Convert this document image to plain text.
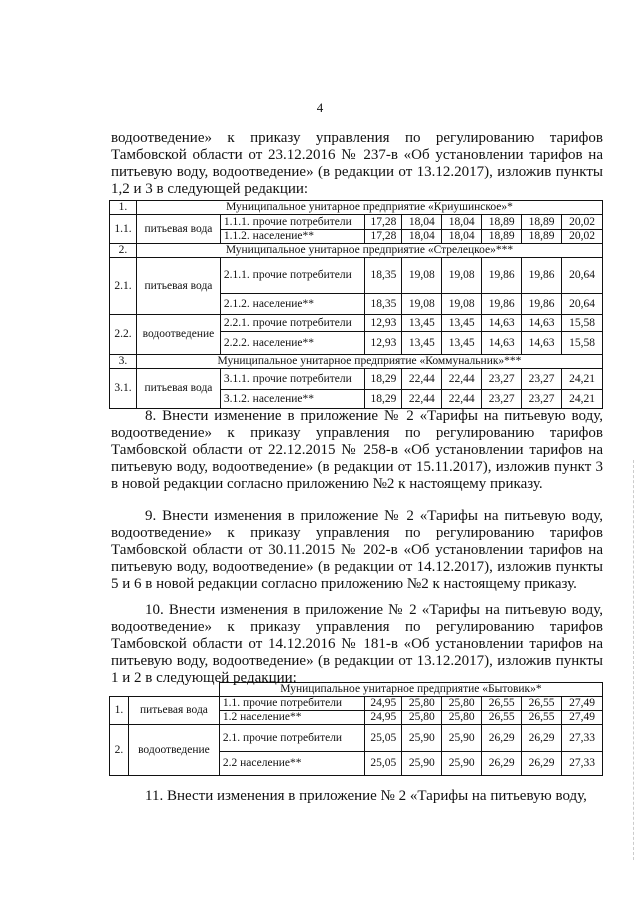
4

водоотведение» к приказу управления по регулированию тарифов Тамбовской области от 23.12.2016 № 237-в «Об установлении тарифов на питьевую воду, водоотведение» (в редакции от 13.12.2017), изложив пункты 1,2 и 3 в следующей редакции:

1.	Муниципальное унитарное предприятие «Криушинское»*							
1.1.	питьевая вода	1.1.1. прочие потребители	17,28	18,04	18,04	18,89	18,89	20,02
		1.1.2. население**	17,28	18,04	18,04	18,89	18,89	20,02
2.	Муниципальное унитарное предприятие «Стрелецкое»***							
2.1.	питьевая вода	2.1.1. прочие потребители	18,35	19,08	19,08	19,86	19,86	20,64
		2.1.2. население**	18,35	19,08	19,08	19,86	19,86	20,64
2.2.	водоотведение	2.2.1. прочие потребители	12,93	13,45	13,45	14,63	14,63	15,58
		2.2.2. население**	12,93	13,45	13,45	14,63	14,63	15,58
3.	Муниципальное унитарное предприятие «Коммунальник»***							
3.1.	питьевая вода	3.1.1. прочие потребители	18,29	22,44	22,44	23,27	23,27	24,21
		3.1.2. население**	18,29	22,44	22,44	23,27	23,27	24,21

8. Внести изменение в приложение № 2 «Тарифы на питьевую воду, водоотведение» к приказу управления по регулированию тарифов Тамбовской области от 22.12.2015 № 258-в «Об установлении тарифов на питьевую воду, водоотведение» (в редакции от 15.11.2017), изложив пункт 3 в новой редакции согласно приложению №2 к настоящему приказу.

9. Внести изменения в приложение № 2 «Тарифы на питьевую воду, водоотведение» к приказу управления по регулированию тарифов Тамбовской области от 30.11.2015 № 202-в «Об установлении тарифов на питьевую воду, водоотведение» (в редакции от 14.12.2017), изложив пункты 5 и 6 в новой редакции согласно приложению №2 к настоящему приказу.

10. Внести изменения в приложение № 2 «Тарифы на питьевую воду, водоотведение» к приказу управления по регулированию тарифов Тамбовской области от 14.12.2016 № 181-в «Об установлении тарифов на питьевую воду, водоотведение» (в редакции от 13.12.2017), изложив пункты 1 и 2 в следующей редакции:

		Муниципальное унитарное предприятие «Бытовик»*						
1.	питьевая вода	1.1. прочие потребители	24,95	25,80	25,80	26,55	26,55	27,49
		1.2 население**	24,95	25,80	25,80	26,55	26,55	27,49
2.	водоотведение	2.1. прочие потребители	25,05	25,90	25,90	26,29	26,29	27,33
		2.2 население**	25,05	25,90	25,90	26,29	26,29	27,33

11. Внести изменения в приложение № 2 «Тарифы на питьевую воду,
